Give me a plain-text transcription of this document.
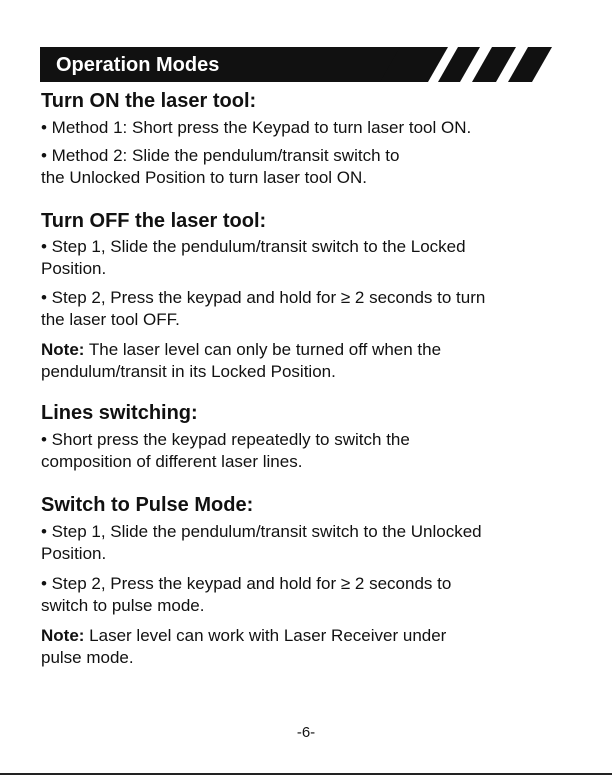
Operation Modes
Turn ON the laser tool:
• Method 1: Short press the Keypad to turn laser tool ON.
• Method 2: Slide the pendulum/transit switch to
the Unlocked Position to turn laser tool ON.
Turn OFF the laser tool:
• Step 1, Slide the pendulum/transit switch to the Locked
Position.
• Step 2, Press the keypad and hold for ≥ 2 seconds to turn
the laser tool OFF.
Note: The laser level can only be turned off when the
pendulum/transit in its Locked Position.
Lines switching:
• Short press the keypad repeatedly to switch the
composition of different laser lines.
Switch to Pulse Mode:
• Step 1, Slide the pendulum/transit switch to the Unlocked
Position.
• Step 2, Press the keypad and hold for ≥ 2 seconds to
switch to pulse mode.
Note: Laser level can work with Laser Receiver under
pulse mode.
-6-
